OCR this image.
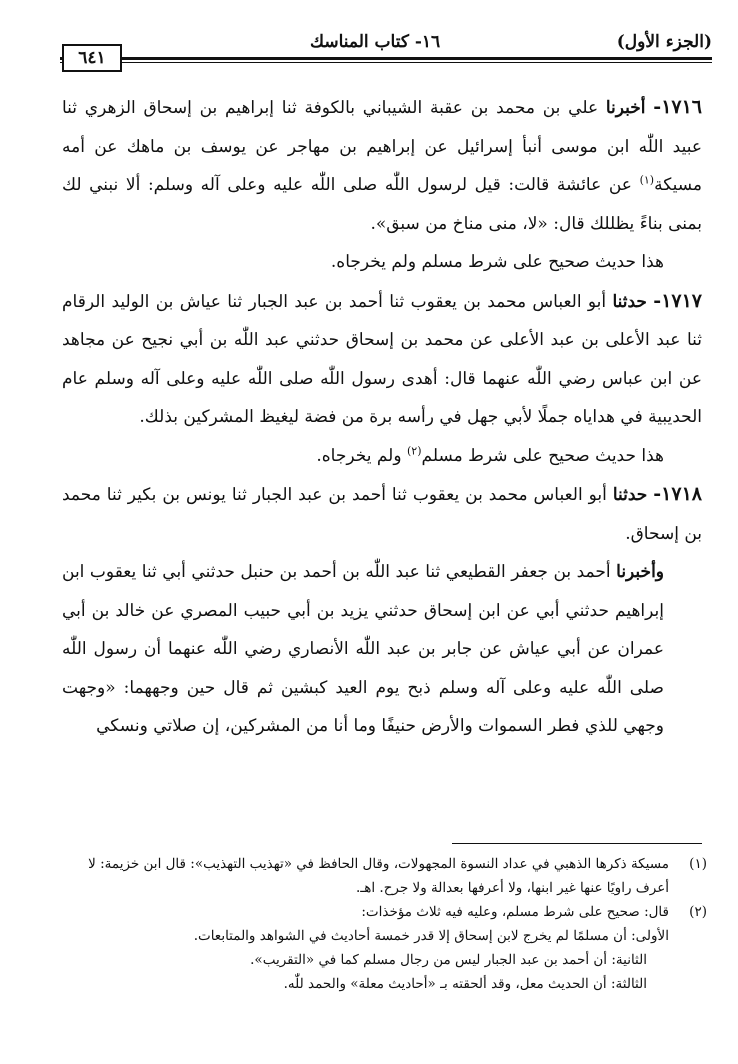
(الجزء الأول)
١٦- كتاب المناسك
٦٤١

١٧١٦- أخبرنا علي بن محمد بن عقبة الشيباني بالكوفة ثنا إبراهيم بن إسحاق الزهري ثنا عبيد اللّٰه ابن موسى أنبأ إسرائيل عن إبراهيم بن مهاجر عن يوسف بن ماهك عن أمه مسيكة$^{(١)}$ عن عائشة قالت: قيل لرسول اللّٰه صلى اللّٰه عليه وعلى آله وسلم: ألا نبني لك بمنى بناءً يظللك قال: «لا، منى مناخ من سبق».

هذا حديث صحيح على شرط مسلم ولم يخرجاه.

١٧١٧- حدثنا أبو العباس محمد بن يعقوب ثنا أحمد بن عبد الجبار ثنا عياش بن الوليد الرقام ثنا عبد الأعلى بن عبد الأعلى عن محمد بن إسحاق حدثني عبد اللّٰه بن أبي نجيح عن مجاهد عن ابن عباس رضي اللّٰه عنهما قال: أهدى رسول اللّٰه صلى اللّٰه عليه وعلى آله وسلم عام الحديبية في هداياه جملًا لأبي جهل في رأسه برة من فضة ليغيظ المشركين بذلك.

هذا حديث صحيح على شرط مسلم$^{(٢)}$ ولم يخرجاه.

١٧١٨- حدثنا أبو العباس محمد بن يعقوب ثنا أحمد بن عبد الجبار ثنا يونس بن بكير ثنا محمد بن إسحاق.

وأخبرنا أحمد بن جعفر القطيعي ثنا عبد اللّٰه بن أحمد بن حنبل حدثني أبي ثنا يعقوب ابن إبراهيم حدثني أبي عن ابن إسحاق حدثني يزيد بن أبي حبيب المصري عن خالد بن أبي عمران عن أبي عياش عن جابر بن عبد اللّٰه الأنصاري رضي اللّٰه عنهما أن رسول اللّٰه صلى اللّٰه عليه وعلى آله وسلم ذبح يوم العيد كبشين ثم قال حين وجههما: «وجهت وجهي للذي فطر السموات والأرض حنيفًا وما أنا من المشركين، إن صلاتي ونسكي

(١)
مسيكة ذكرها الذهبي في عداد النسوة المجهولات، وقال الحافظ في «تهذيب التهذيب»: قال ابن خزيمة: لا أعرف راويًا عنها غير ابنها، ولا أعرفها بعدالة ولا جرح. اهـ.

(٢)
قال: صحيح على شرط مسلم، وعليه فيه ثلاث مؤخذات:
الأولى: أن مسلمًا لم يخرج لابن إسحاق إلا قدر خمسة أحاديث في الشواهد والمتابعات.
الثانية: أن أحمد بن عبد الجبار ليس من رجال مسلم كما في «التقريب».
الثالثة: أن الحديث معل، وقد ألحقته بـ «أحاديث معلة» والحمد للّٰه.
